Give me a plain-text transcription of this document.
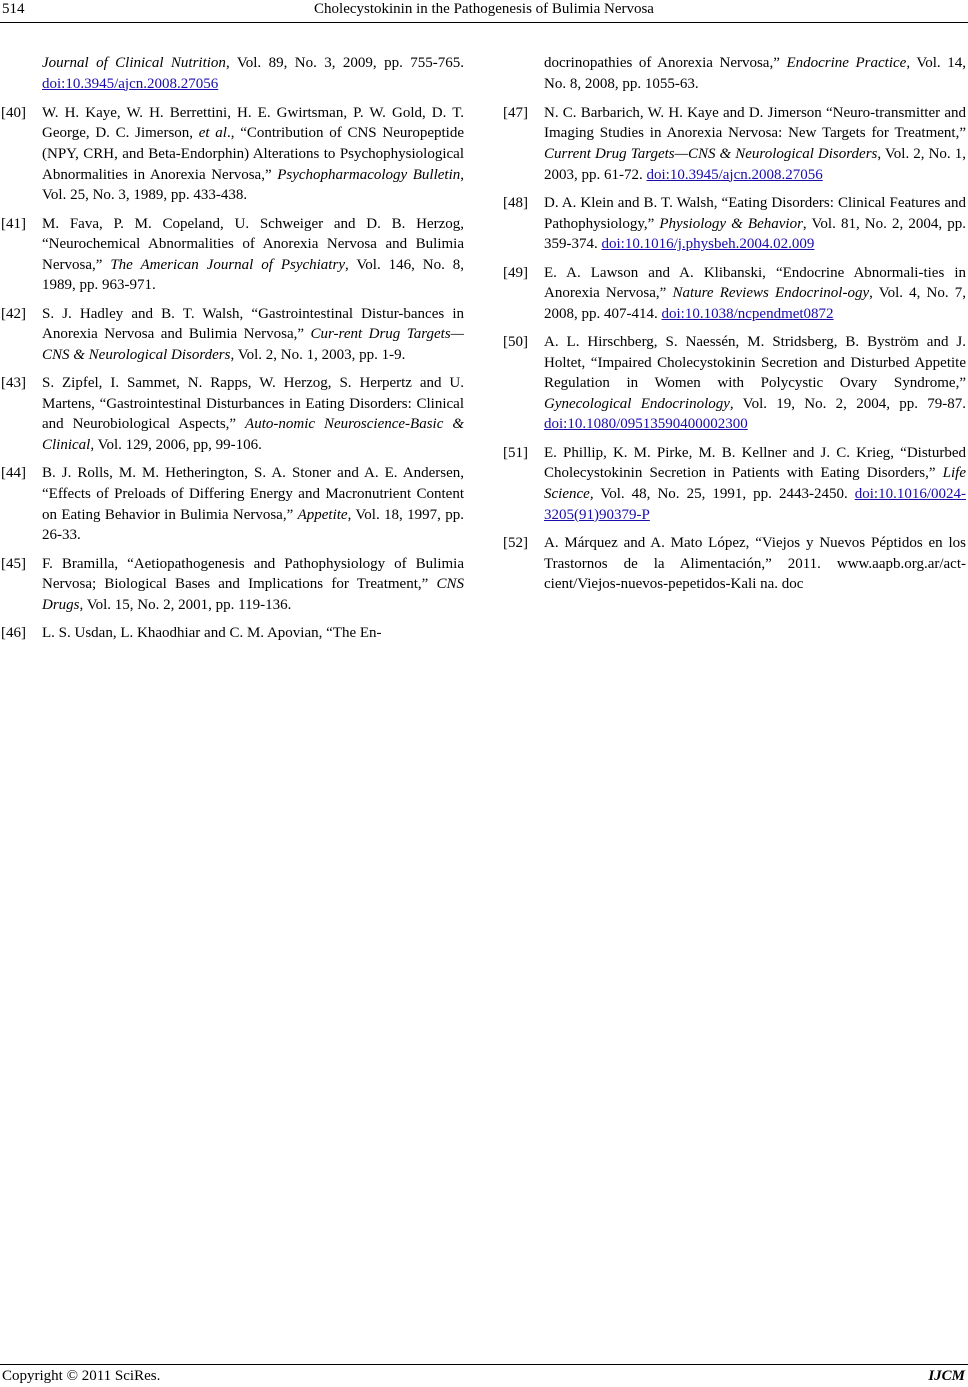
514	Cholecystokinin in the Pathogenesis of Bulimia Nervosa
Journal of Clinical Nutrition, Vol. 89, No. 3, 2009, pp. 755-765. doi:10.3945/ajcn.2008.27056
[40] W. H. Kaye, W. H. Berrettini, H. E. Gwirtsman, P. W. Gold, D. T. George, D. C. Jimerson, et al., “Contribution of CNS Neuropeptide (NPY, CRH, and Beta-Endorphin) Alterations to Psychophysiological Abnormalities in Anorexia Nervosa,” Psychopharmacology Bulletin, Vol. 25, No. 3, 1989, pp. 433-438.
[41] M. Fava, P. M. Copeland, U. Schweiger and D. B. Herzog, “Neurochemical Abnormalities of Anorexia Nervosa and Bulimia Nervosa,” The American Journal of Psychiatry, Vol. 146, No. 8, 1989, pp. 963-971.
[42] S. J. Hadley and B. T. Walsh, “Gastrointestinal Distur-bances in Anorexia Nervosa and Bulimia Nervosa,” Cur-rent Drug Targets—CNS & Neurological Disorders, Vol. 2, No. 1, 2003, pp. 1-9.
[43] S. Zipfel, I. Sammet, N. Rapps, W. Herzog, S. Herpertz and U. Martens, “Gastrointestinal Disturbances in Eating Disorders: Clinical and Neurobiological Aspects,” Auto-nomic Neuroscience-Basic & Clinical, Vol. 129, 2006, pp, 99-106.
[44] B. J. Rolls, M. M. Hetherington, S. A. Stoner and A. E. Andersen, “Effects of Preloads of Differing Energy and Macronutrient Content on Eating Behavior in Bulimia Nervosa,” Appetite, Vol. 18, 1997, pp. 26-33.
[45] F. Bramilla, “Aetiopathogenesis and Pathophysiology of Bulimia Nervosa; Biological Bases and Implications for Treatment,” CNS Drugs, Vol. 15, No. 2, 2001, pp. 119-136.
[46] L. S. Usdan, L. Khaodhiar and C. M. Apovian, “The En-
docrinopathies of Anorexia Nervosa,” Endocrine Practice, Vol. 14, No. 8, 2008, pp. 1055-63.
[47] N. C. Barbarich, W. H. Kaye and D. Jimerson “Neuro-transmitter and Imaging Studies in Anorexia Nervosa: New Targets for Treatment,” Current Drug Targets—CNS & Neurological Disorders, Vol. 2, No. 1, 2003, pp. 61-72. doi:10.3945/ajcn.2008.27056
[48] D. A. Klein and B. T. Walsh, “Eating Disorders: Clinical Features and Pathophysiology,” Physiology & Behavior, Vol. 81, No. 2, 2004, pp. 359-374. doi:10.1016/j.physbeh.2004.02.009
[49] E. A. Lawson and A. Klibanski, “Endocrine Abnormali-ties in Anorexia Nervosa,” Nature Reviews Endocrinol-ogy, Vol. 4, No. 7, 2008, pp. 407-414. doi:10.1038/ncpendmet0872
[50] A. L. Hirschberg, S. Naessén, M. Stridsberg, B. Byström and J. Holtet, “Impaired Cholecystokinin Secretion and Disturbed Appetite Regulation in Women with Polycystic Ovary Syndrome,” Gynecological Endocrinology, Vol. 19, No. 2, 2004, pp. 79-87. doi:10.1080/09513590400002300
[51] E. Phillip, K. M. Pirke, M. B. Kellner and J. C. Krieg, “Disturbed Cholecystokinin Secretion in Patients with Eating Disorders,” Life Science, Vol. 48, No. 25, 1991, pp. 2443-2450. doi:10.1016/0024-3205(91)90379-P
[52] A. Márquez and A. Mato López, “Viejos y Nuevos Péptidos en los Trastornos de la Alimentación,” 2011. www.aapb.org.ar/act-cient/Viejos-nuevos-pepetidos-Kali na. doc
Copyright © 2011 SciRes.	IJCM
